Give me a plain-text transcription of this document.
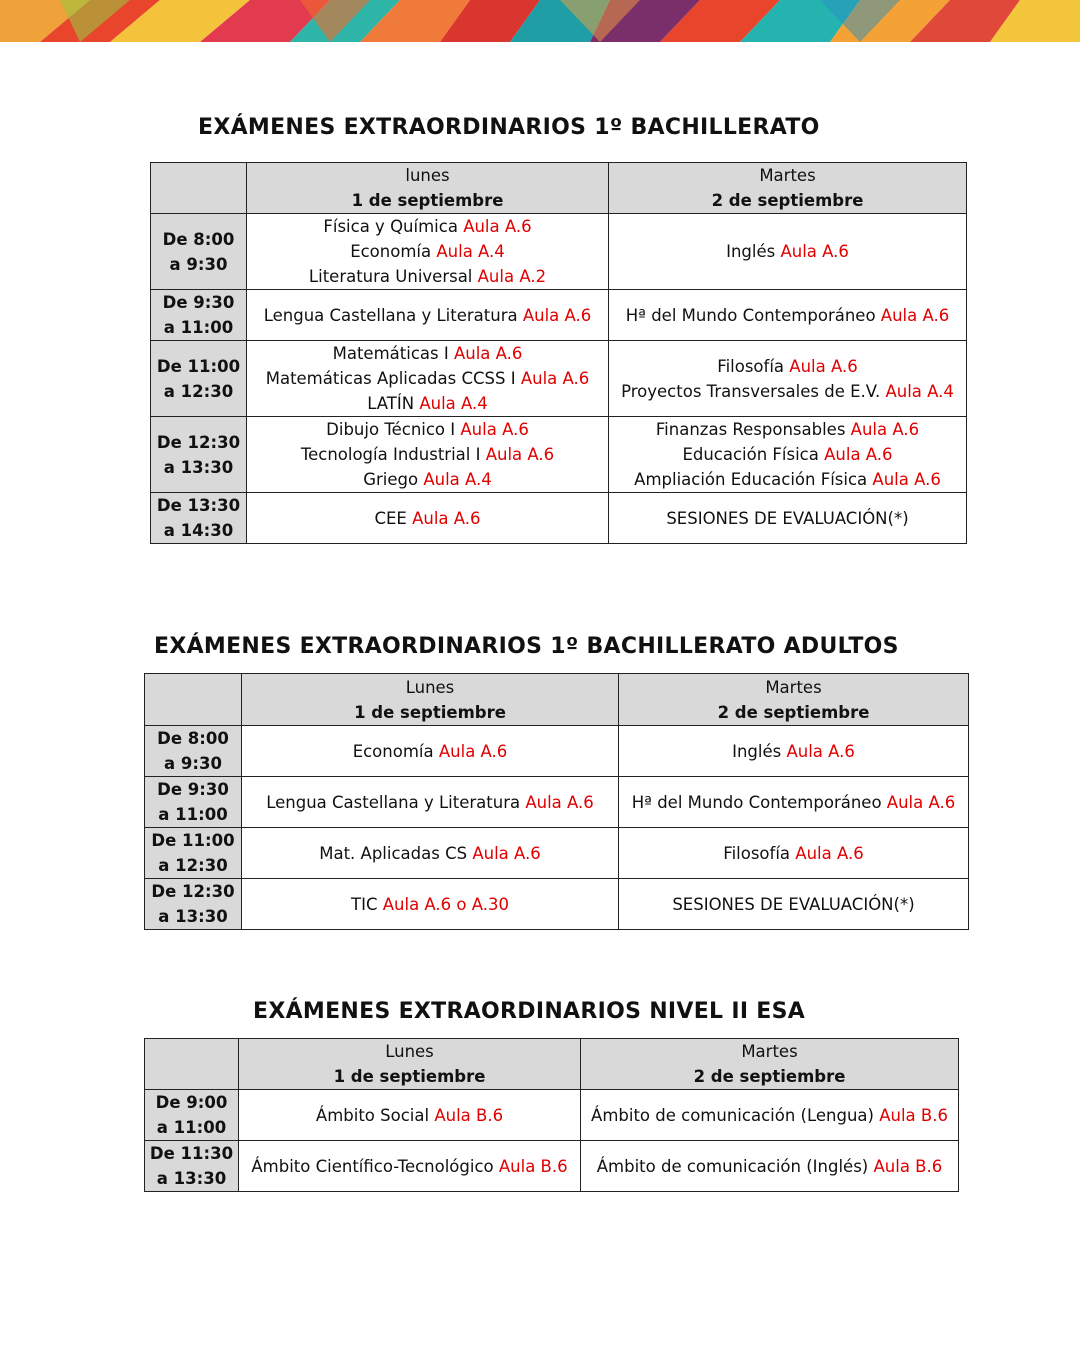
EXÁMENES EXTRAORDINARIOS 1º BACHILLERATO

	lunes
1 de septiembre	Martes
2 de septiembre

De 8:00
a 9:30	Física y Química Aula A.6
Economía Aula A.4
Literatura Universal Aula A.2	Inglés Aula A.6

De 9:30
a 11:00	Lengua Castellana y Literatura Aula A.6	Hª del Mundo Contemporáneo Aula A.6

De 11:00
a 12:30	Matemáticas I Aula A.6
Matemáticas Aplicadas CCSS I Aula A.6
LATÍN Aula A.4	Filosofía Aula A.6
Proyectos Transversales de E.V. Aula A.4

De 12:30
a 13:30	Dibujo Técnico I Aula A.6
Tecnología Industrial I Aula A.6
Griego Aula A.4	Finanzas Responsables Aula A.6
Educación Física Aula A.6
Ampliación Educación Física Aula A.6

De 13:30
a 14:30	CEE Aula A.6	SESIONES DE EVALUACIÓN(*)
EXÁMENES EXTRAORDINARIOS 1º BACHILLERATO ADULTOS

	Lunes
1 de septiembre	Martes
2 de septiembre

De 8:00
a 9:30	Economía Aula A.6	Inglés Aula A.6

De 9:30
a 11:00	Lengua Castellana y Literatura Aula A.6	Hª del Mundo Contemporáneo Aula A.6

De 11:00
a 12:30	Mat. Aplicadas CS Aula A.6	Filosofía Aula A.6

De 12:30
a 13:30	TIC Aula A.6 o A.30	SESIONES DE EVALUACIÓN(*)
EXÁMENES EXTRAORDINARIOS NIVEL II ESA

	Lunes
1 de septiembre	Martes
2 de septiembre

De 9:00
a 11:00	Ámbito Social Aula B.6	Ámbito de comunicación (Lengua) Aula B.6

De 11:30
a 13:30	Ámbito Científico-Tecnológico Aula B.6	Ámbito de comunicación (Inglés) Aula B.6
